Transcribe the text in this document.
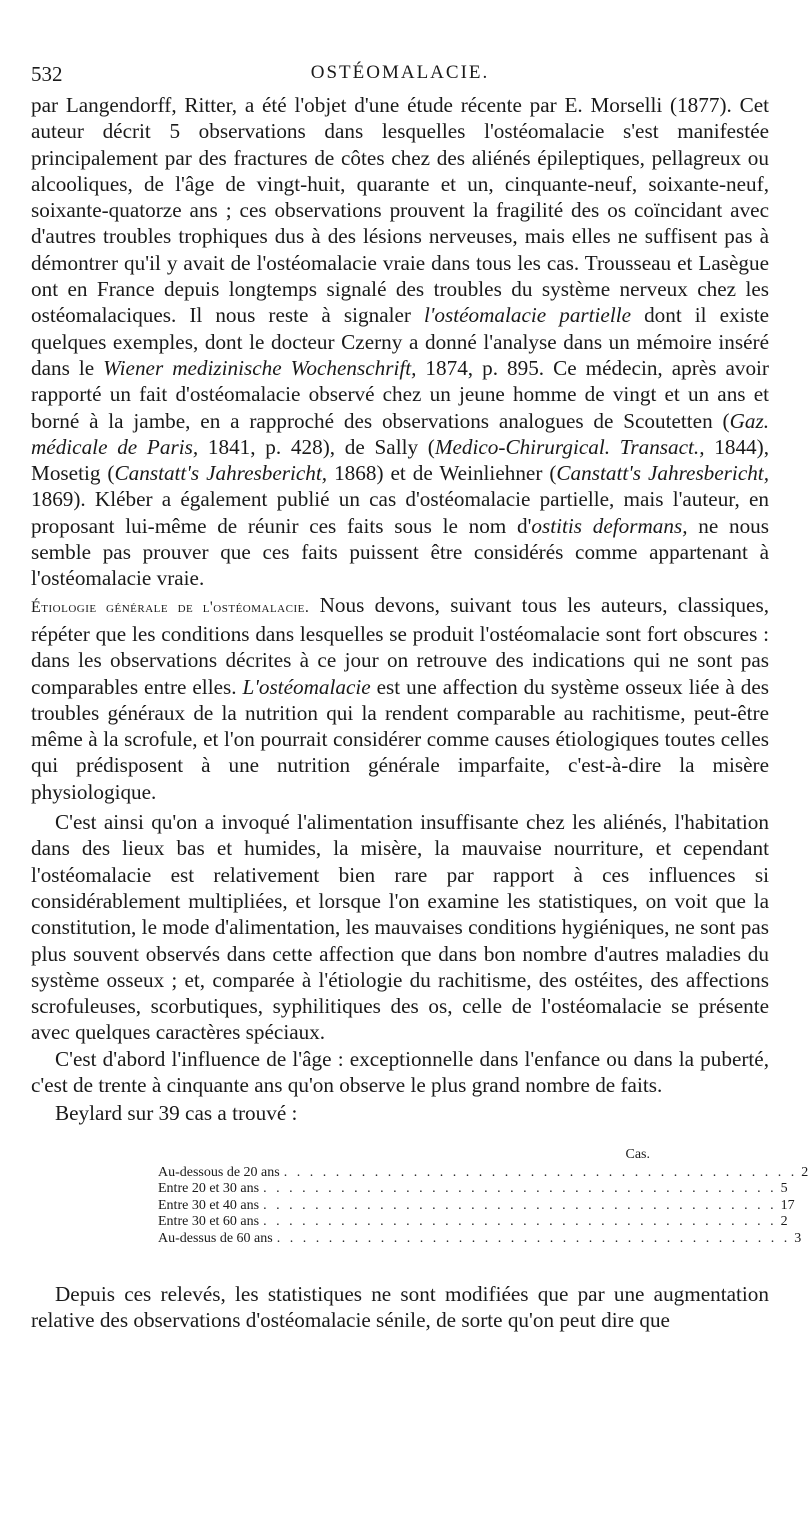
532	OSTÉOMALACIE.

par Langendorff, Ritter, a été l'objet d'une étude récente par E. Morselli (1877). Cet auteur décrit 5 observations dans lesquelles l'ostéomalacie s'est manifestée principalement par des fractures de côtes chez des aliénés épileptiques, pellagreux ou alcooliques, de l'âge de vingt-huit, quarante et un, cinquante-neuf, soixante-neuf, soixante-quatorze ans ; ces observations prouvent la fragilité des os coïncidant avec d'autres troubles trophiques dus à des lésions nerveuses, mais elles ne suffisent pas à démontrer qu'il y avait de l'ostéomalacie vraie dans tous les cas. Trousseau et Lasègue ont en France depuis longtemps signalé des troubles du système nerveux chez les ostéomalaciques. Il nous reste à signaler l'ostéomalacie partielle dont il existe quelques exemples, dont le docteur Czerny a donné l'analyse dans un mémoire inséré dans le Wiener medizinische Wochenschrift, 1874, p. 895. Ce médecin, après avoir rapporté un fait d'ostéomalacie observé chez un jeune homme de vingt et un ans et borné à la jambe, en a rapproché des observations analogues de Scoutetten (Gaz. médicale de Paris, 1841, p. 428), de Sally (Medico-Chirurgical. Transact., 1844), Mosetig (Canstatt's Jahresbericht, 1868) et de Weinliehner (Canstatt's Jahresbericht, 1869). Kléber a également publié un cas d'ostéomalacie partielle, mais l'auteur, en proposant lui-même de réunir ces faits sous le nom d'ostitis deformans, ne nous semble pas prouver que ces faits puissent être considérés comme appartenant à l'ostéomalacie vraie.

Étiologie générale de l'ostéomalacie. Nous devons, suivant tous les auteurs, classiques, répéter que les conditions dans lesquelles se produit l'ostéomalacie sont fort obscures : dans les observations décrites à ce jour on retrouve des indications qui ne sont pas comparables entre elles. L'ostéomalacie est une affection du système osseux liée à des troubles généraux de la nutrition qui la rendent comparable au rachitisme, peut-être même à la scrofule, et l'on pourrait considérer comme causes étiologiques toutes celles qui prédisposent à une nutrition générale imparfaite, c'est-à-dire la misère physiologique.

C'est ainsi qu'on a invoqué l'alimentation insuffisante chez les aliénés, l'habitation dans des lieux bas et humides, la misère, la mauvaise nourriture, et cependant l'ostéomalacie est relativement bien rare par rapport à ces influences si considérablement multipliées, et lorsque l'on examine les statistiques, on voit que la constitution, le mode d'alimentation, les mauvaises conditions hygiéniques, ne sont pas plus souvent observés dans cette affection que dans bon nombre d'autres maladies du système osseux ; et, comparée à l'étiologie du rachitisme, des ostéites, des affections scrofuleuses, scorbutiques, syphilitiques des os, celle de l'ostéomalacie se présente avec quelques caractères spéciaux.

C'est d'abord l'influence de l'âge : exceptionnelle dans l'enfance ou dans la puberté, c'est de trente à cinquante ans qu'on observe le plus grand nombre de faits.

Beylard sur 39 cas a trouvé :

Cas.
Au-dessous de 20 ans . . . . . . . . . . . . . . . . . . . . . . . . . . . . . . . . . . . . . . . . 2
Entre 20 et 30 ans . . . . . . . . . . . . . . . . . . . . . . . . . . . . . . . . . . . . . . . . 5
Entre 30 et 40 ans . . . . . . . . . . . . . . . . . . . . . . . . . . . . . . . . . . . . . . . . 17
Entre 30 et 60 ans . . . . . . . . . . . . . . . . . . . . . . . . . . . . . . . . . . . . . . . . 2
Au-dessus de 60 ans . . . . . . . . . . . . . . . . . . . . . . . . . . . . . . . . . . . . . . . . 3

Depuis ces relevés, les statistiques ne sont modifiées que par une augmentation relative des observations d'ostéomalacie sénile, de sorte qu'on peut dire que
